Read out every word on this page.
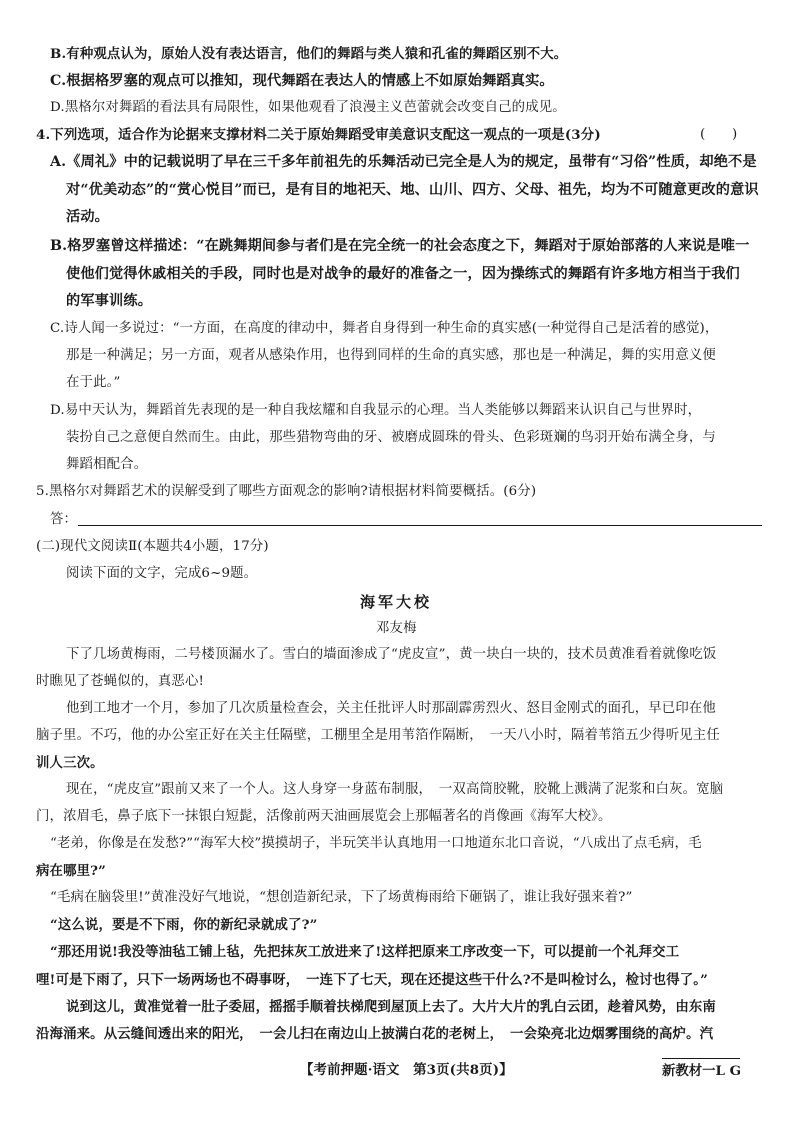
B.有种观点认为，原始人没有表达语言，他们的舞蹈与类人猿和孔雀的舞蹈区别不大。
C.根据格罗塞的观点可以推知，现代舞蹈在表达人的情感上不如原始舞蹈真实。
D.黑格尔对舞蹈的看法具有局限性，如果他观看了浪漫主义芭蕾就会改变自己的成见。
4.下列选项，适合作为论据来支撑材料二关于原始舞蹈受审美意识支配这一观点的一项是(3分)	(　　)
A.《周礼》中的记载说明了早在三千多年前祖先的乐舞活动已完全是人为的规定，虽带有“习俗”性质，却绝不是
对“优美动态”的“赏心悦目”而已，是有目的地祀天、地、山川、四方、父母、祖先，均为不可随意更改的意识
活动。
B.格罗塞曾这样描述：“在跳舞期间参与者们是在完全统一的社会态度之下，舞蹈对于原始部落的人来说是唯一
使他们觉得休戚相关的手段，同时也是对战争的最好的准备之一，因为操练式的舞蹈有许多地方相当于我们
的军事训练。
C.诗人闻一多说过：“一方面，在高度的律动中，舞者自身得到一种生命的真实感(一种觉得自己是活着的感觉)，
那是一种满足；另一方面，观者从感染作用，也得到同样的生命的真实感，那也是一种满足，舞的实用意义便
在于此。”
D.易中天认为，舞蹈首先表现的是一种自我炫耀和自我显示的心理。当人类能够以舞蹈来认识自己与世界时，
装扮自己之意便自然而生。由此，那些猎物弯曲的牙、被磨成圆珠的骨头、色彩斑斓的鸟羽开始布满全身，与
舞蹈相配合。
5.黑格尔对舞蹈艺术的误解受到了哪些方面观念的影响?请根据材料简要概括。(6分)
答：
(二)现代文阅读Ⅱ(本题共4小题，17分)
阅读下面的文字，完成6~9题。
海军大校
邓友梅
下了几场黄梅雨，二号楼顶漏水了。雪白的墙面渗成了“虎皮宣”，黄一块白一块的，技术员黄准看着就像吃饭
时瞧见了苍蝇似的，真恶心!
他到工地才一个月，参加了几次质量检查会，关主任批评人时那副霹雳烈火、怒目金刚式的面孔，早已印在他
脑子里。不巧，他的办公室正好在关主任隔壁，工棚里全是用苇箔作隔断，　一天八小时，隔着苇箔五少得听见主任
训人三次。
现在，“虎皮宣”跟前又来了一个人。这人身穿一身蓝布制服，　一双高筒胶靴，胶靴上溅满了泥浆和白灰。宽脑
门，浓眉毛，鼻子底下一抹银白短髭，活像前两天油画展览会上那幅著名的肖像画《海军大校》。
“老弟，你像是在发愁?”“海军大校”摸摸胡子，半玩笑半认真地用一口地道东北口音说，“八成出了点毛病，毛
病在哪里?”
“毛病在脑袋里!”黄准没好气地说，“想创造新纪录，下了场黄梅雨给下砸锅了，谁让我好强来着?”
“这么说，要是不下雨，你的新纪录就成了?”
“那还用说!我没等油毡工铺上毡，先把抹灰工放进来了!这样把原来工序改变一下，可以提前一个礼拜交工
哩!可是下雨了，只下一场两场也不碍事呀，　一连下了七天，现在还提这些干什么?不是叫检讨么，检讨也得了。”
说到这儿，黄准觉着一肚子委屈，摇摇手顺着扶梯爬到屋顶上去了。大片大片的乳白云团，趁着风势，由东南
沿海涌来。从云缝间透出来的阳光，　一会儿扫在南边山上披满白花的老树上，　一会染亮北边烟雾围绕的高炉。汽
【考前押题·语文　第3页(共8页)】	新教材一L G
